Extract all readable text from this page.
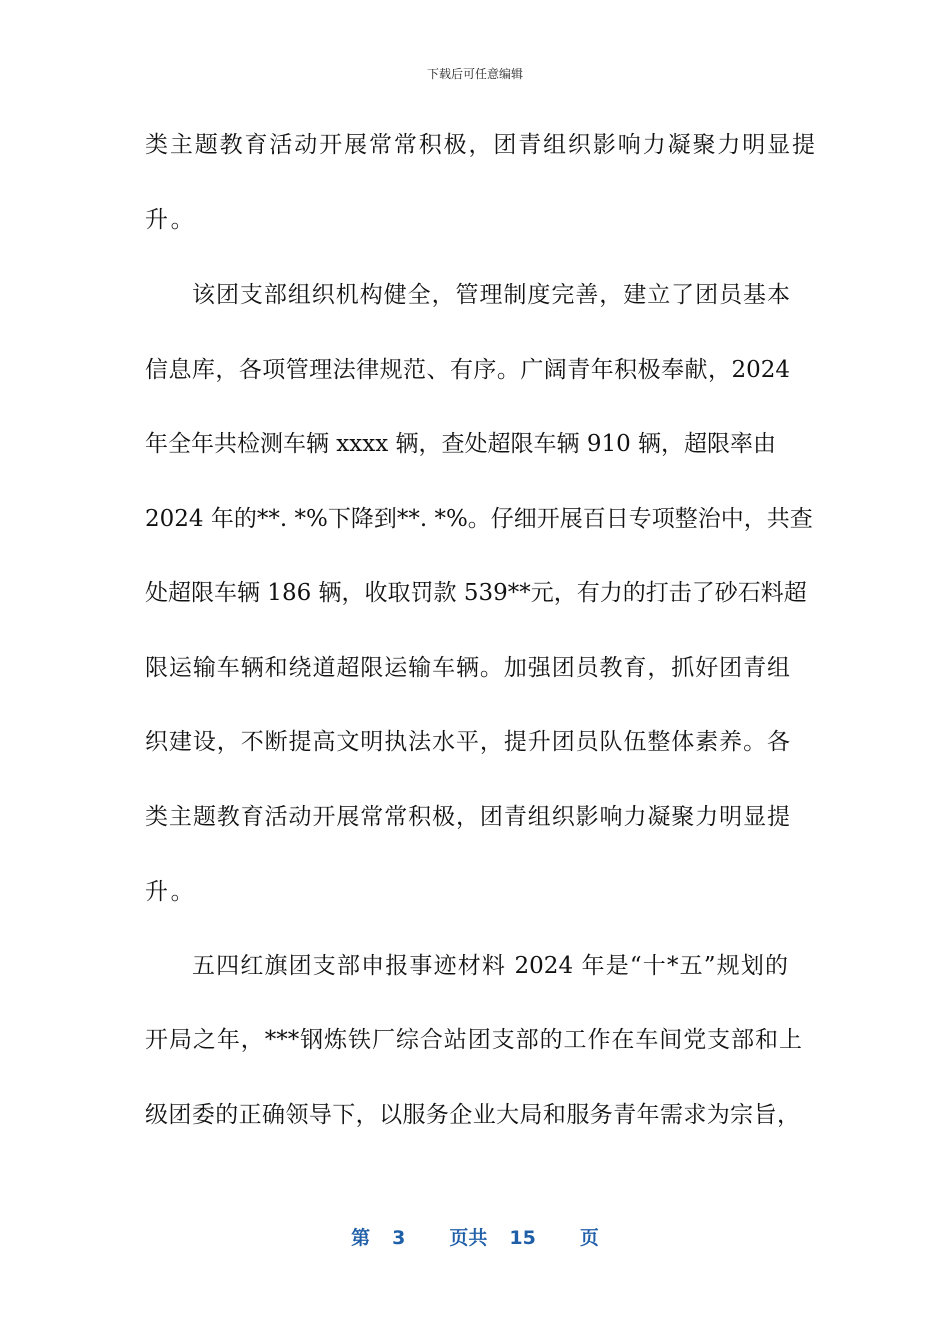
下载后可任意编辑
类主题教育活动开展常常积极，团青组织影响力凝聚力明显提
升。
该团支部组织机构健全，管理制度完善，建立了团员基本
信息库，各项管理法律规范、有序。广阔青年积极奉献，2024
年全年共检测车辆 xxxx 辆，查处超限车辆 910 辆，超限率由
2024 年的**. *%下降到**. *%。仔细开展百日专项整治中，共查
处超限车辆 186 辆，收取罚款 539**元，有力的打击了砂石料超
限运输车辆和绕道超限运输车辆。加强团员教育，抓好团青组
织建设，不断提高文明执法水平，提升团员队伍整体素养。各
类主题教育活动开展常常积极，团青组织影响力凝聚力明显提
升。
五四红旗团支部申报事迹材料 2024 年是“十*五”规划的
开局之年，***钢炼铁厂综合站团支部的工作在车间党支部和上
级团委的正确领导下，以服务企业大局和服务青年需求为宗旨，
第 3 页共 15 页
